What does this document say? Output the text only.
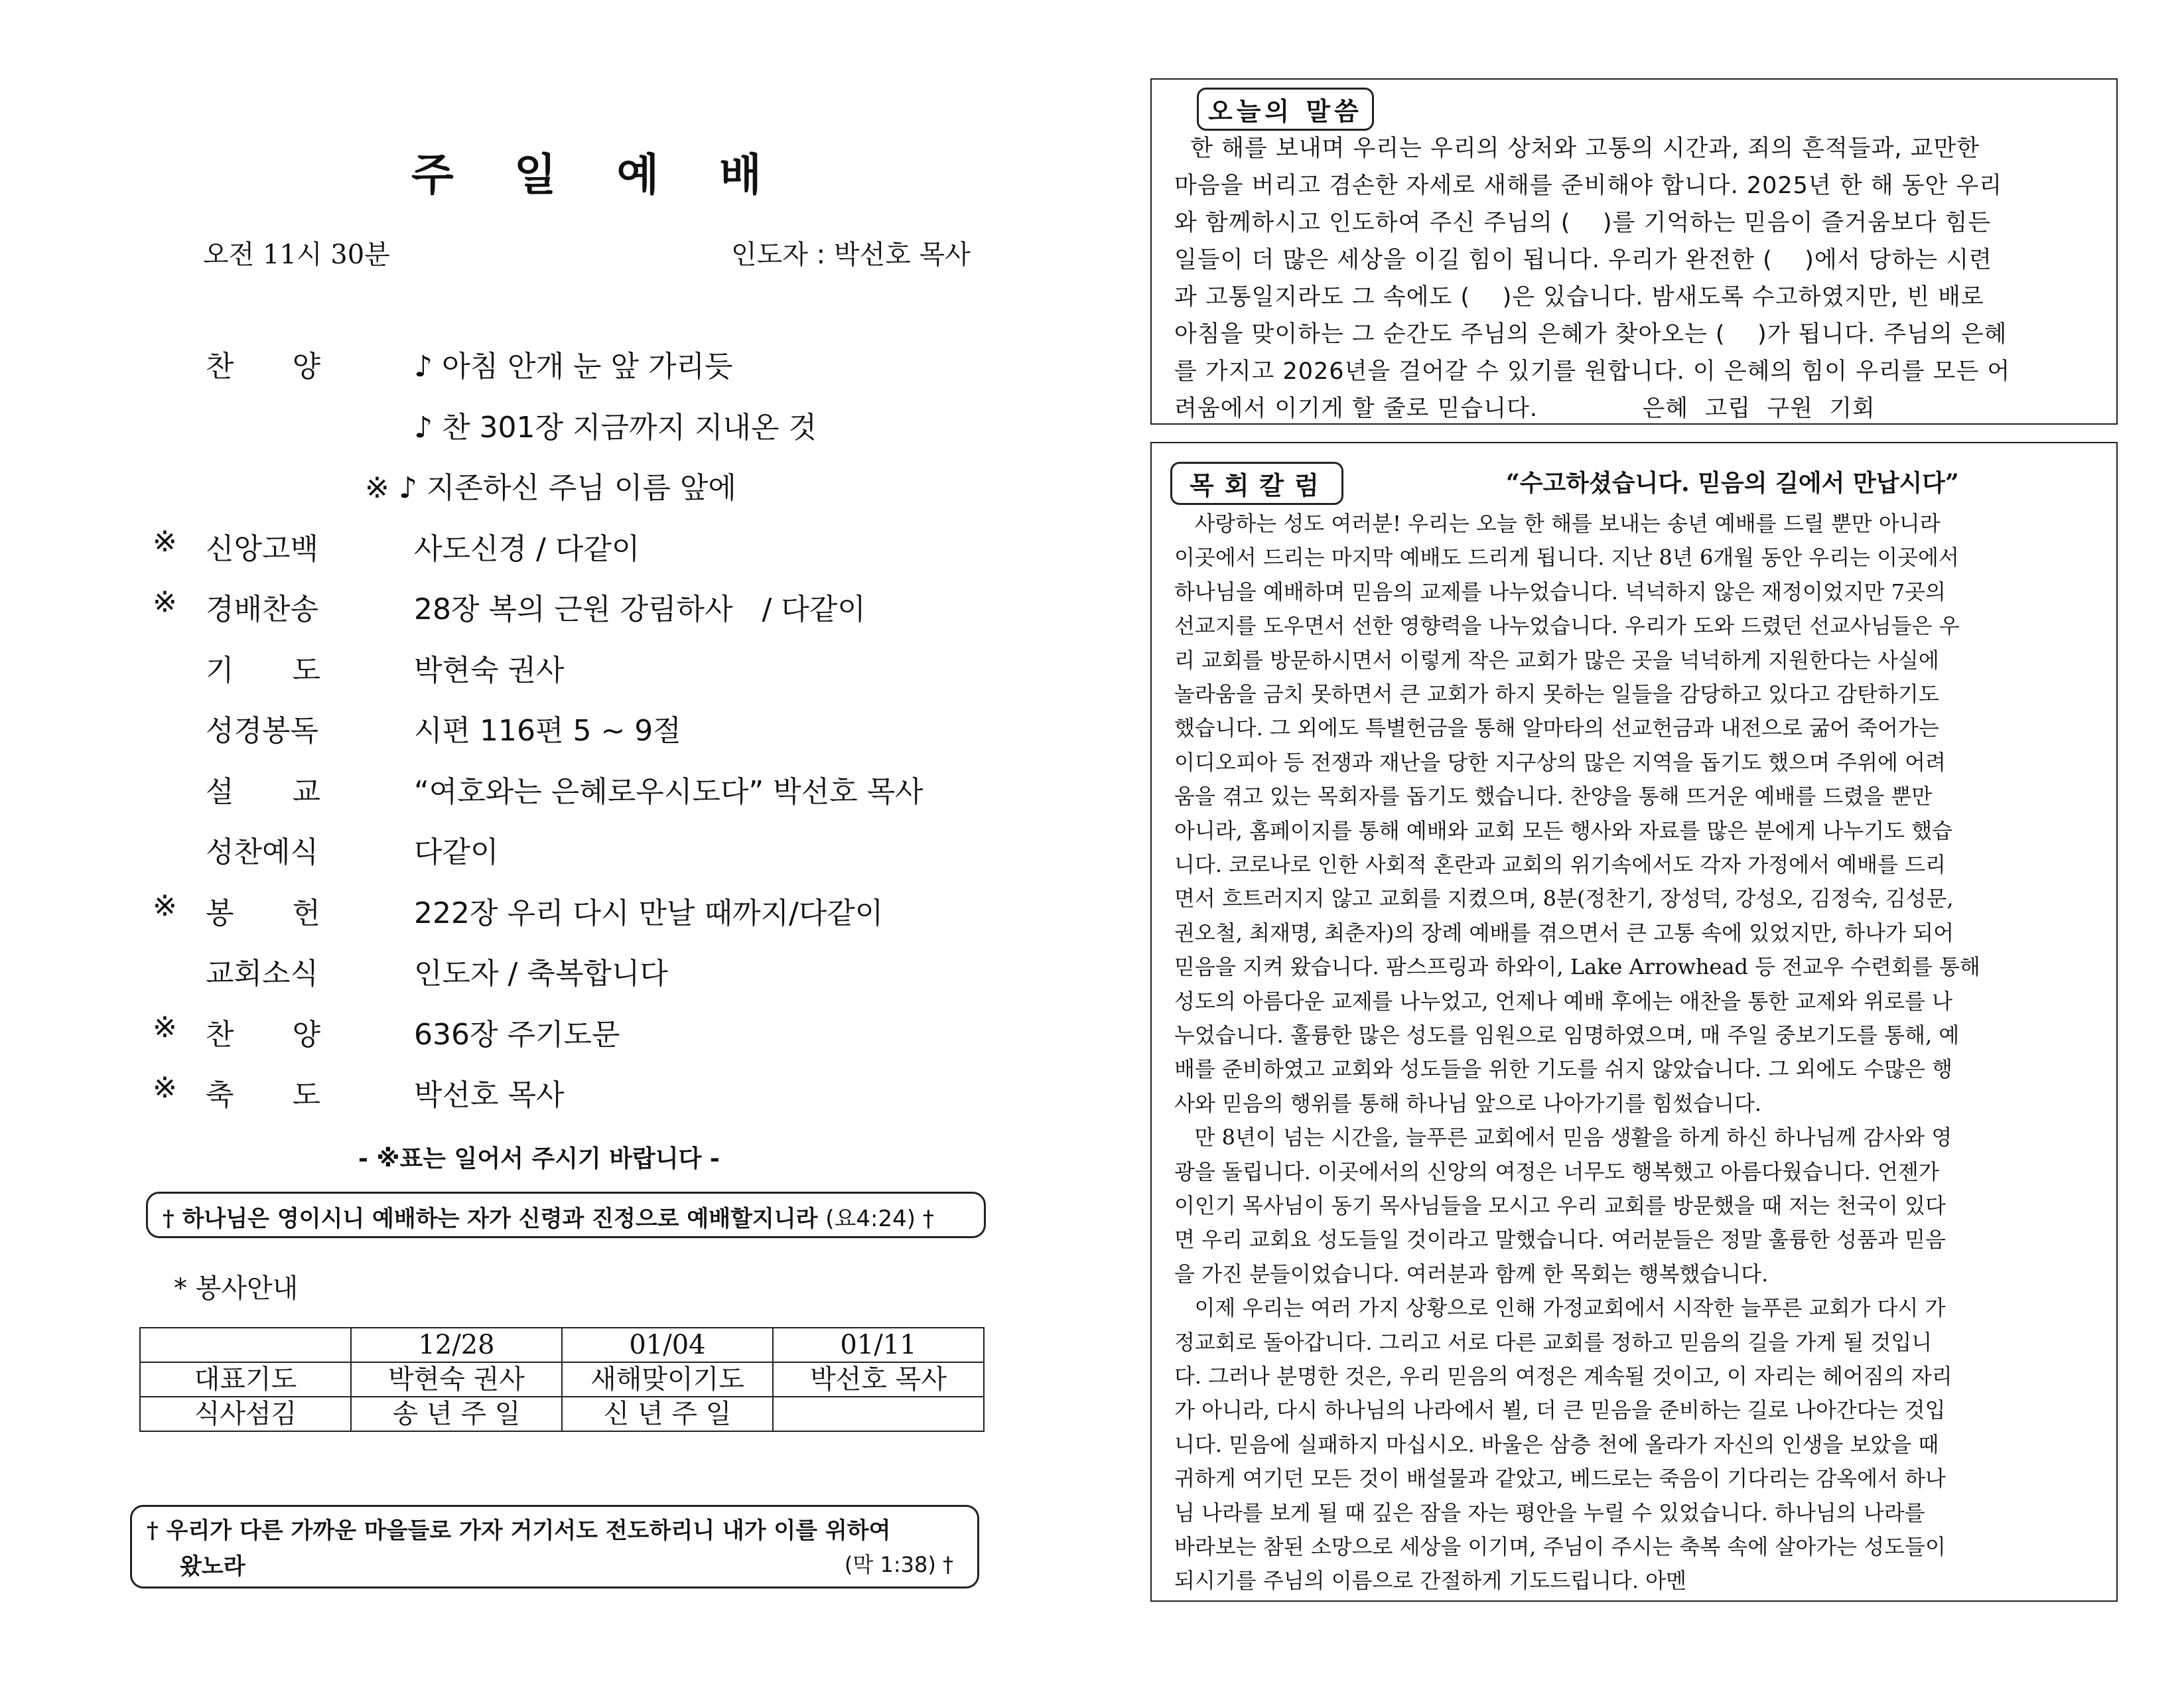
주 일 예 배
오전 11시 30분	인도자 : 박선호 목사
찬　　양	♪ 아침 안개 눈 앞 가리듯
♪ 찬 301장 지금까지 지내온 것
※ ♪ 지존하신 주님 이름 앞에
※ 신앙고백	사도신경 / 다같이
※ 경배찬송	28장 복의 근원 강림하사　/ 다같이
기　　도	박현숙 권사
성경봉독	시편 116편 5 ~ 9절
설　　교	“여호와는 은혜로우시도다” 박선호 목사
성찬예식	다같이
※ 봉　　헌	222장 우리 다시 만날 때까지/다같이
교회소식	인도자 / 축복합니다
※ 찬　　양	636장 주기도문
※ 축　　도	박선호 목사
- ※표는 일어서 주시기 바랍니다 -
† 하나님은 영이시니 예배하는 자가 신령과 진정으로 예배할지니라 (요4:24) †
* 봉사안내
	12/28	01/04	01/11
대표기도	박현숙 권사	새해맞이기도	박선호 목사
식사섬김	송 년 주 일	신 년 주 일	
† 우리가 다른 가까운 마을들로 가자 거기서도 전도하리니 내가 이를 위하여
왔노라	(막 1:38) †
오늘의 말씀
한 해를 보내며 우리는 우리의 상처와 고통의 시간과, 죄의 흔적들과, 교만한
마음을 버리고 겸손한 자세로 새해를 준비해야 합니다. 2025년 한 해 동안 우리
와 함께하시고 인도하여 주신 주님의 (    )를 기억하는 믿음이 즐거움보다 힘든
일들이 더 많은 세상을 이길 힘이 됩니다. 우리가 완전한 (    )에서 당하는 시련
과 고통일지라도 그 속에도 (    )은 있습니다. 밤새도록 수고하였지만, 빈 배로
아침을 맞이하는 그 순간도 주님의 은혜가 찾아오는 (    )가 됩니다. 주님의 은혜
를 가지고 2026년을 걸어갈 수 있기를 원합니다. 이 은혜의 힘이 우리를 모든 어
려움에서 이기게 할 줄로 믿습니다.             은혜  고립  구원  기회
목회칼럼	“수고하셨습니다. 믿음의 길에서 만납시다”
사랑하는 성도 여러분! 우리는 오늘 한 해를 보내는 송년 예배를 드릴 뿐만 아니라
이곳에서 드리는 마지막 예배도 드리게 됩니다. 지난 8년 6개월 동안 우리는 이곳에서
하나님을 예배하며 믿음의 교제를 나누었습니다. 넉넉하지 않은 재정이었지만 7곳의
선교지를 도우면서 선한 영향력을 나누었습니다. 우리가 도와 드렸던 선교사님들은 우
리 교회를 방문하시면서 이렇게 작은 교회가 많은 곳을 넉넉하게 지원한다는 사실에
놀라움을 금치 못하면서 큰 교회가 하지 못하는 일들을 감당하고 있다고 감탄하기도
했습니다. 그 외에도 특별헌금을 통해 알마타의 선교헌금과 내전으로 굶어 죽어가는
이디오피아 등 전쟁과 재난을 당한 지구상의 많은 지역을 돕기도 했으며 주위에 어려
움을 겪고 있는 목회자를 돕기도 했습니다. 찬양을 통해 뜨거운 예배를 드렸을 뿐만
아니라, 홈페이지를 통해 예배와 교회 모든 행사와 자료를 많은 분에게 나누기도 했습
니다. 코로나로 인한 사회적 혼란과 교회의 위기속에서도 각자 가정에서 예배를 드리
면서 흐트러지지 않고 교회를 지켰으며, 8분(정찬기, 장성덕, 강성오, 김정숙, 김성문,
권오철, 최재명, 최춘자)의 장례 예배를 겪으면서 큰 고통 속에 있었지만, 하나가 되어
믿음을 지켜 왔습니다. 팜스프링과 하와이, Lake Arrowhead 등 전교우 수련회를 통해
성도의 아름다운 교제를 나누었고, 언제나 예배 후에는 애찬을 통한 교제와 위로를 나
누었습니다. 훌륭한 많은 성도를 임원으로 임명하였으며, 매 주일 중보기도를 통해, 예
배를 준비하였고 교회와 성도들을 위한 기도를 쉬지 않았습니다. 그 외에도 수많은 행
사와 믿음의 행위를 통해 하나님 앞으로 나아가기를 힘썼습니다.
만 8년이 넘는 시간을, 늘푸른 교회에서 믿음 생활을 하게 하신 하나님께 감사와 영
광을 돌립니다. 이곳에서의 신앙의 여정은 너무도 행복했고 아름다웠습니다. 언젠가
이인기 목사님이 동기 목사님들을 모시고 우리 교회를 방문했을 때 저는 천국이 있다
면 우리 교회요 성도들일 것이라고 말했습니다. 여러분들은 정말 훌륭한 성품과 믿음
을 가진 분들이었습니다. 여러분과 함께 한 목회는 행복했습니다.
이제 우리는 여러 가지 상황으로 인해 가정교회에서 시작한 늘푸른 교회가 다시 가
정교회로 돌아갑니다. 그리고 서로 다른 교회를 정하고 믿음의 길을 가게 될 것입니
다. 그러나 분명한 것은, 우리 믿음의 여정은 계속될 것이고, 이 자리는 헤어짐의 자리
가 아니라, 다시 하나님의 나라에서 뵐, 더 큰 믿음을 준비하는 길로 나아간다는 것입
니다. 믿음에 실패하지 마십시오. 바울은 삼층 천에 올라가 자신의 인생을 보았을 때
귀하게 여기던 모든 것이 배설물과 같았고, 베드로는 죽음이 기다리는 감옥에서 하나
님 나라를 보게 될 때 깊은 잠을 자는 평안을 누릴 수 있었습니다. 하나님의 나라를
바라보는 참된 소망으로 세상을 이기며, 주님이 주시는 축복 속에 살아가는 성도들이
되시기를 주님의 이름으로 간절하게 기도드립니다. 아멘
